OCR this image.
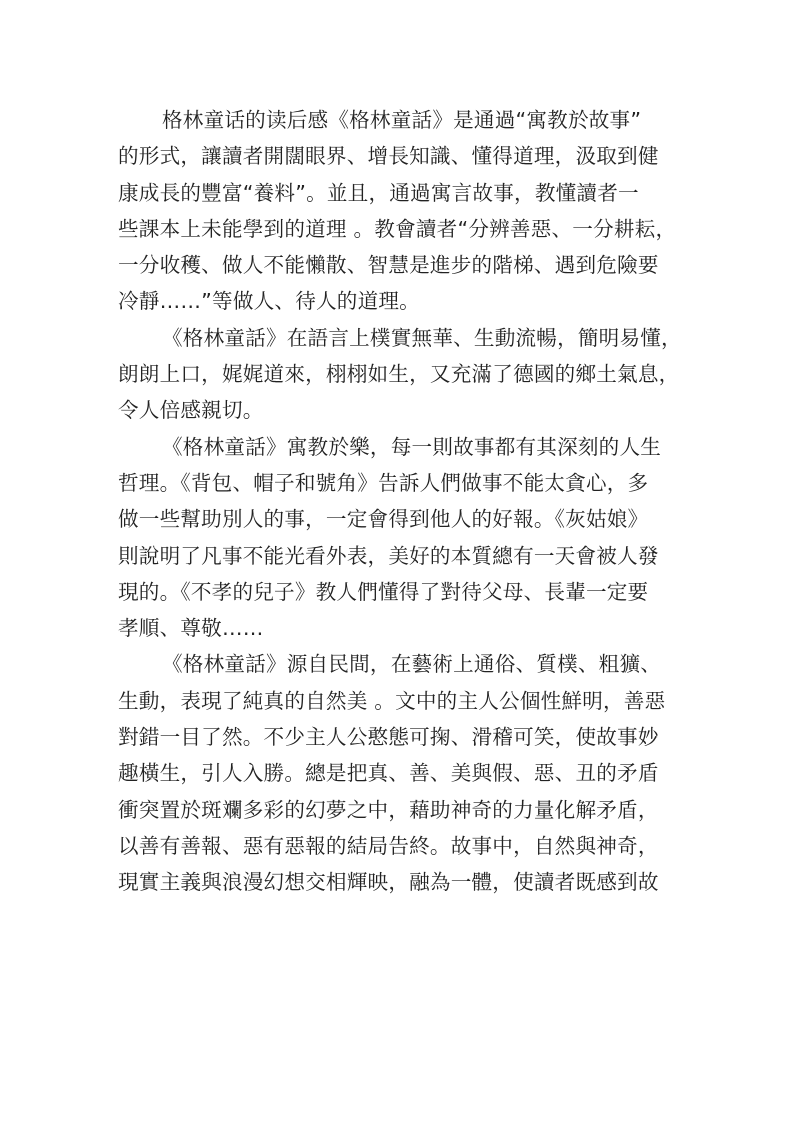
格林童话的读后感《格林童話》是通過“寓教於故事”
的形式，讓讀者開闊眼界、增長知識、懂得道理，汲取到健
康成長的豐富“養料”。並且，通過寓言故事，教懂讀者一
些課本上未能學到的道理 。教會讀者“分辨善惡、一分耕耘，
一分收穫、做人不能懶散、智慧是進步的階梯、遇到危險要
冷靜……”等做人、待人的道理。
《格林童話》在語言上樸實無華、生動流暢，簡明易懂，
朗朗上口，娓娓道來，栩栩如生，又充滿了德國的鄉土氣息，
令人倍感親切。
《格林童話》寓教於樂，每一則故事都有其深刻的人生
哲理。《背包、帽子和號角》告訴人們做事不能太貪心，多
做一些幫助別人的事，一定會得到他人的好報。《灰姑娘》
則說明了凡事不能光看外表，美好的本質總有一天會被人發
現的。《不孝的兒子》教人們懂得了對待父母、長輩一定要
孝順、尊敬……
《格林童話》源自民間，在藝術上通俗、質樸、粗獷、
生動，表現了純真的自然美 。文中的主人公個性鮮明，善惡
對錯一目了然。不少主人公憨態可掬、滑稽可笑，使故事妙
趣橫生，引人入勝。總是把真、善、美與假、惡、丑的矛盾
衝突置於斑斕多彩的幻夢之中，藉助神奇的力量化解矛盾，
以善有善報、惡有惡報的結局告終。故事中，自然與神奇，
現實主義與浪漫幻想交相輝映，融為一體，使讀者既感到故
